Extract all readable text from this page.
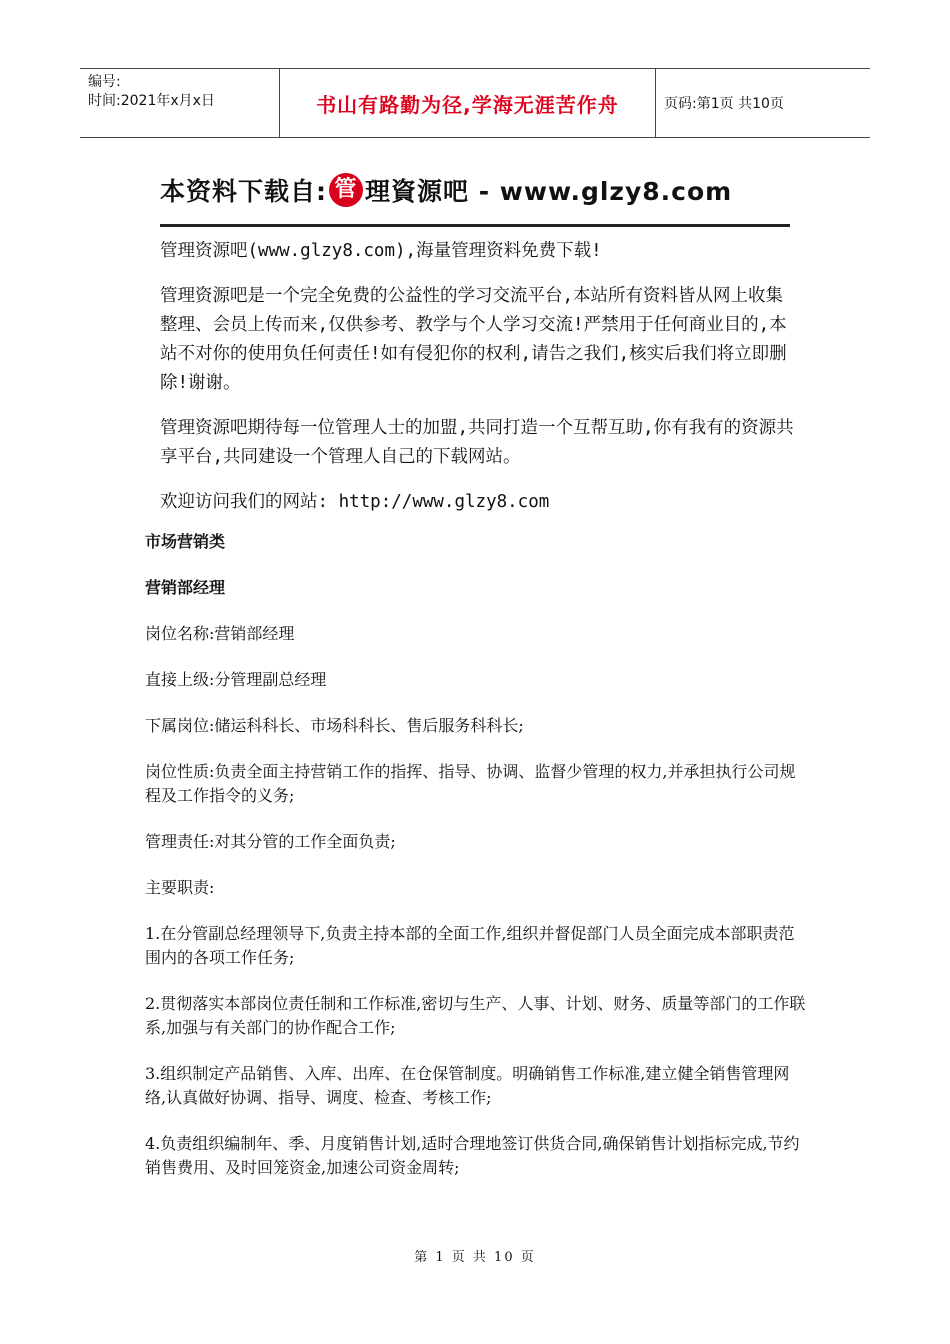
编号:
时间:2021年x月x日	书山有路勤为径,学海无涯苦作舟	页码:第1页 共10页
本资料下载自: 管 理資源吧 - www.glzy8.com

管理资源吧(www.glzy8.com),海量管理资料免费下载!

管理资源吧是一个完全免费的公益性的学习交流平台,本站所有资料皆从网上收集整理、会员上传而来,仅供参考、教学与个人学习交流!严禁用于任何商业目的,本站不对你的使用负任何责任!如有侵犯你的权利,请告之我们,核实后我们将立即删除!谢谢。

管理资源吧期待每一位管理人士的加盟,共同打造一个互帮互助,你有我有的资源共享平台,共同建设一个管理人自己的下载网站。

欢迎访问我们的网站: http://www.glzy8.com

市场营销类

营销部经理

岗位名称:营销部经理

直接上级:分管理副总经理

下属岗位:储运科科长、市场科科长、售后服务科科长;

岗位性质:负责全面主持营销工作的指挥、指导、协调、监督少管理的权力,并承担执行公司规程及工作指令的义务;

管理责任:对其分管的工作全面负责;

主要职责:

1.在分管副总经理领导下,负责主持本部的全面工作,组织并督促部门人员全面完成本部职责范围内的各项工作任务;

2.贯彻落实本部岗位责任制和工作标准,密切与生产、人事、计划、财务、质量等部门的工作联系,加强与有关部门的协作配合工作;

3.组织制定产品销售、入库、出库、在仓保管制度。明确销售工作标准,建立健全销售管理网络,认真做好协调、指导、调度、检查、考核工作;

4.负责组织编制年、季、月度销售计划,适时合理地签订供货合同,确保销售计划指标完成,节约销售费用、及时回笼资金,加速公司资金周转;

第 1 页 共 10 页
